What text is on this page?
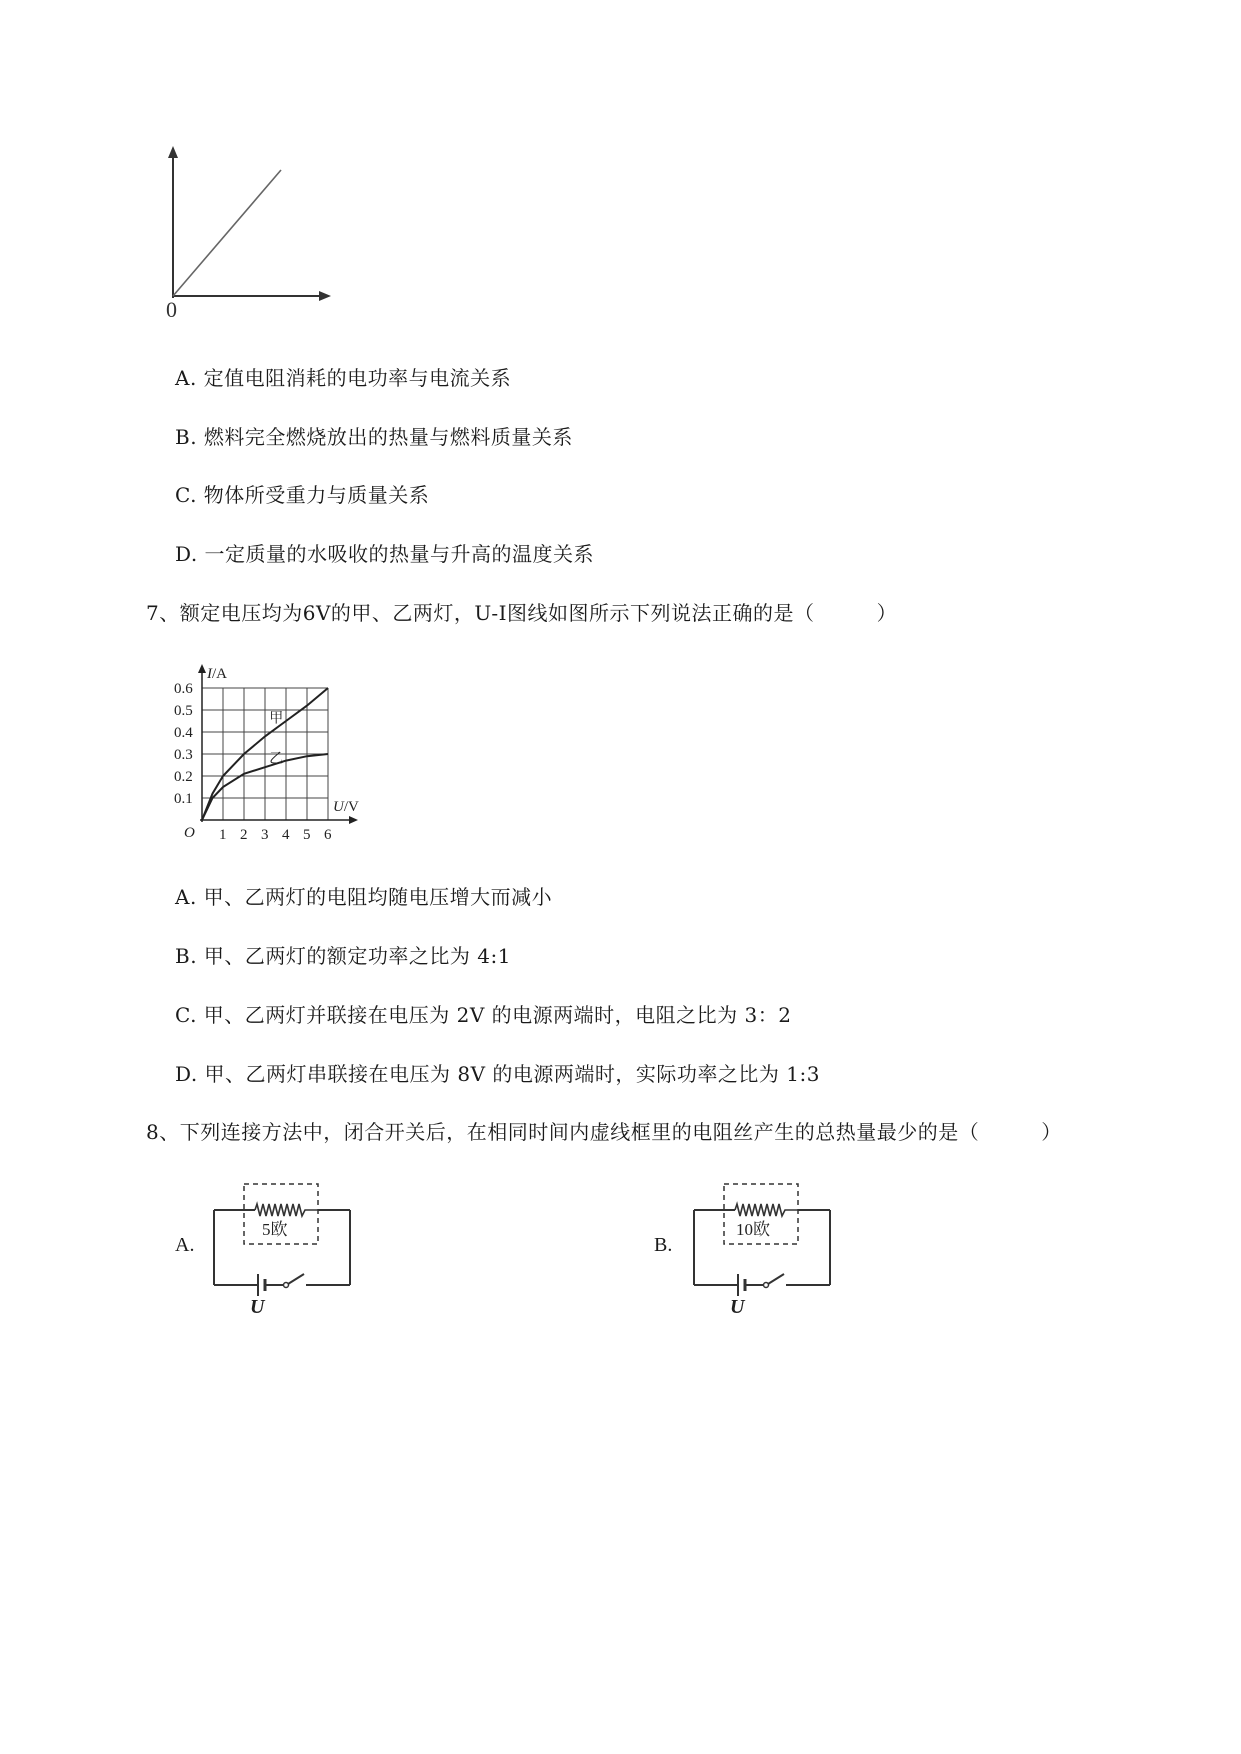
0
A. 定值电阻消耗的电功率与电流关系
B. 燃料完全燃烧放出的热量与燃料质量关系
C. 物体所受重力与质量关系
D. 一定质量的水吸收的热量与升高的温度关系
7、额定电压均为6V的甲、乙两灯，U-I图线如图所示下列说法正确的是（	）
1 2 3 4 5 6
0.1
0.2
0.3
0.4
0.5
0.6
O
I/A
U/V
甲
乙
A. 甲、乙两灯的电阻均随电压增大而减小
B. 甲、乙两灯的额定功率之比为 4:1
C. 甲、乙两灯并联接在电压为 2V 的电源两端时，电阻之比为 3：2
D. 甲、乙两灯串联接在电压为 8V 的电源两端时，实际功率之比为 1:3
8、下列连接方法中，闭合开关后，在相同时间内虚线框里的电阻丝产生的总热量最少的是（	）
A.
5欧
U
B.
10欧
U
